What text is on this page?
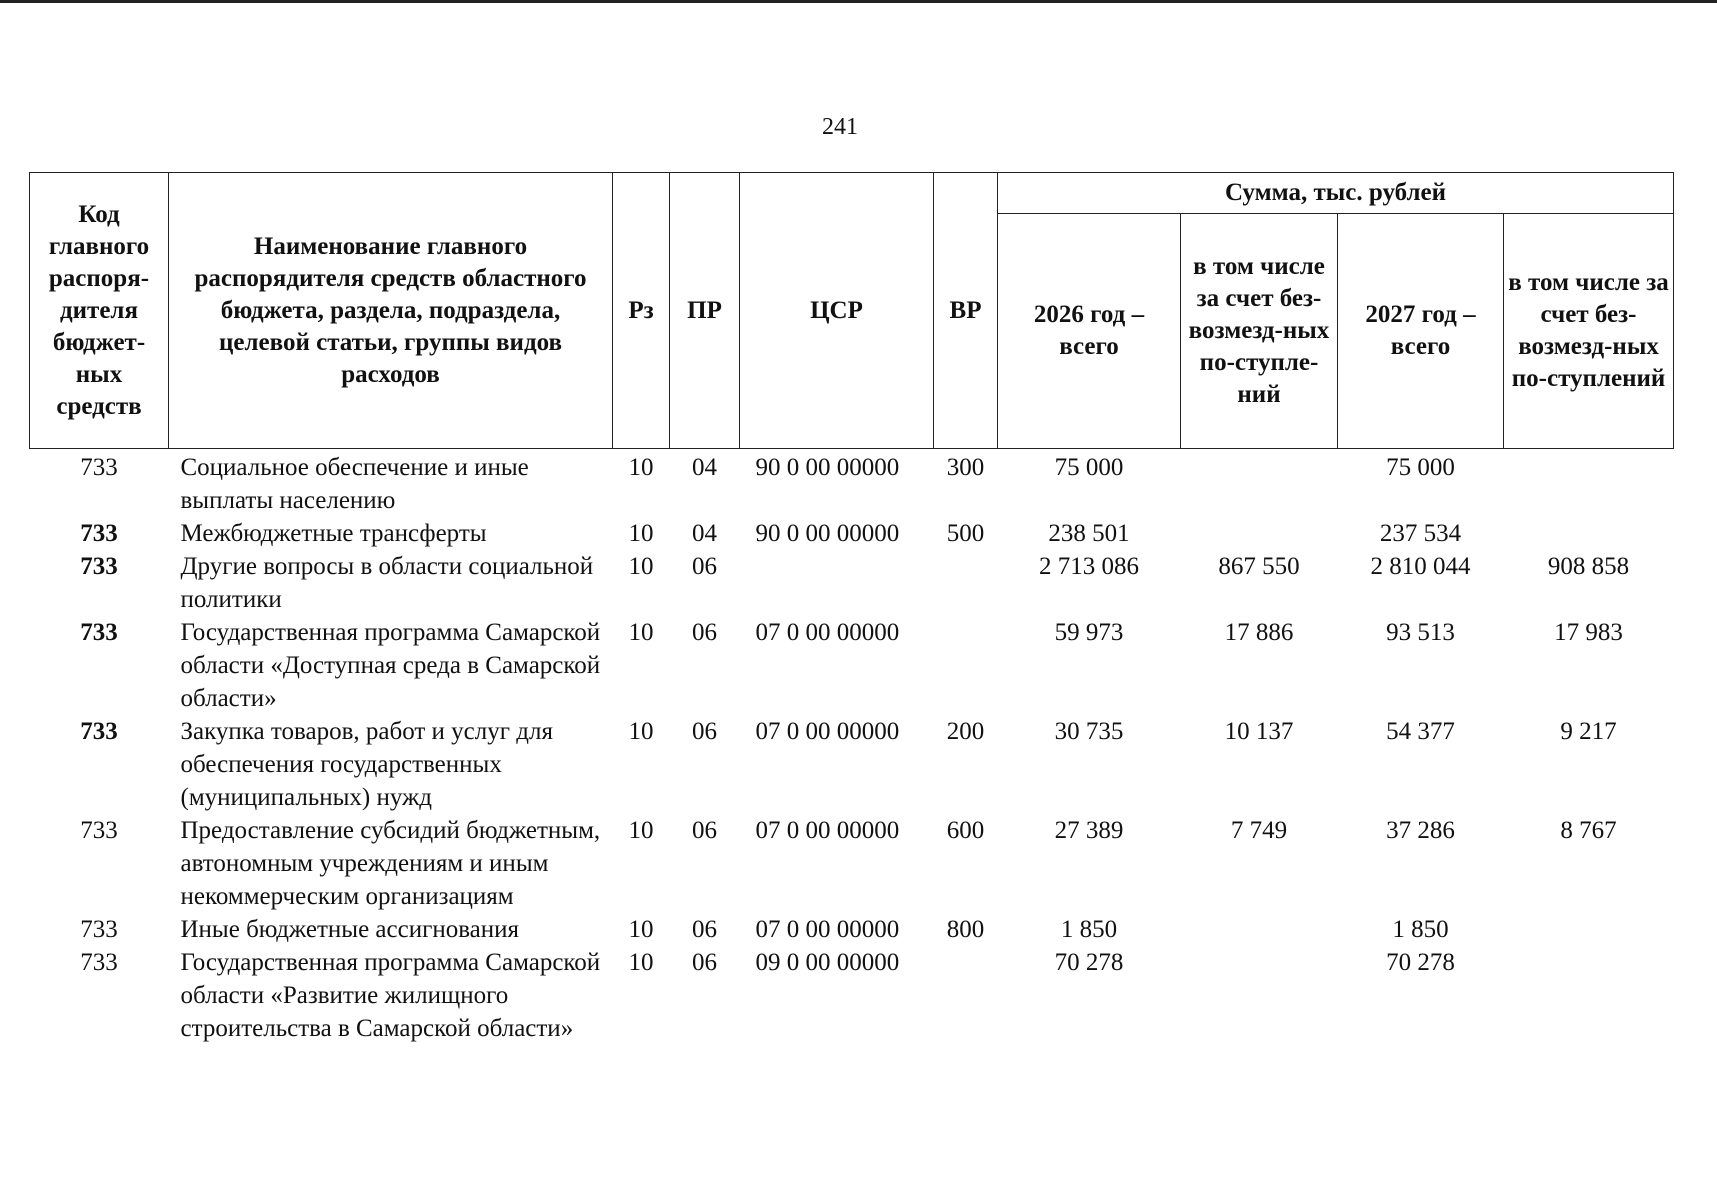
241
Код главного распоря-дителя бюджет-ных средств	Наименование главного распорядителя средств областного бюджета, раздела, подраздела, целевой статьи, группы видов расходов	Рз	ПР	ЦСР	ВР	Сумма, тыс. рублей			
						2026 год – всего	в том числе за счет без-возмезд-ных по-ступле-ний	2027 год – всего	в том числе за счет без-возмезд-ных по-ступлений
733	Социальное обеспечение и иные выплаты населению	10	04	90 0 00 00000	300	75 000		75 000	
733	Межбюджетные трансферты	10	04	90 0 00 00000	500	238 501		237 534	
733	Другие вопросы в области социальной политики	10	06			2 713 086	867 550	2 810 044	908 858
733	Государственная программа Самарской области «Доступная среда в Самарской области»	10	06	07 0 00 00000		59 973	17 886	93 513	17 983
733	Закупка товаров, работ и услуг для обеспечения государственных (муниципальных) нужд	10	06	07 0 00 00000	200	30 735	10 137	54 377	9 217
733	Предоставление субсидий бюджетным, автономным учреждениям и иным некоммерческим организациям	10	06	07 0 00 00000	600	27 389	7 749	37 286	8 767
733	Иные бюджетные ассигнования	10	06	07 0 00 00000	800	1 850		1 850	
733	Государственная программа Самарской области «Развитие жилищного строительства в Самарской области»	10	06	09 0 00 00000		70 278		70 278	
